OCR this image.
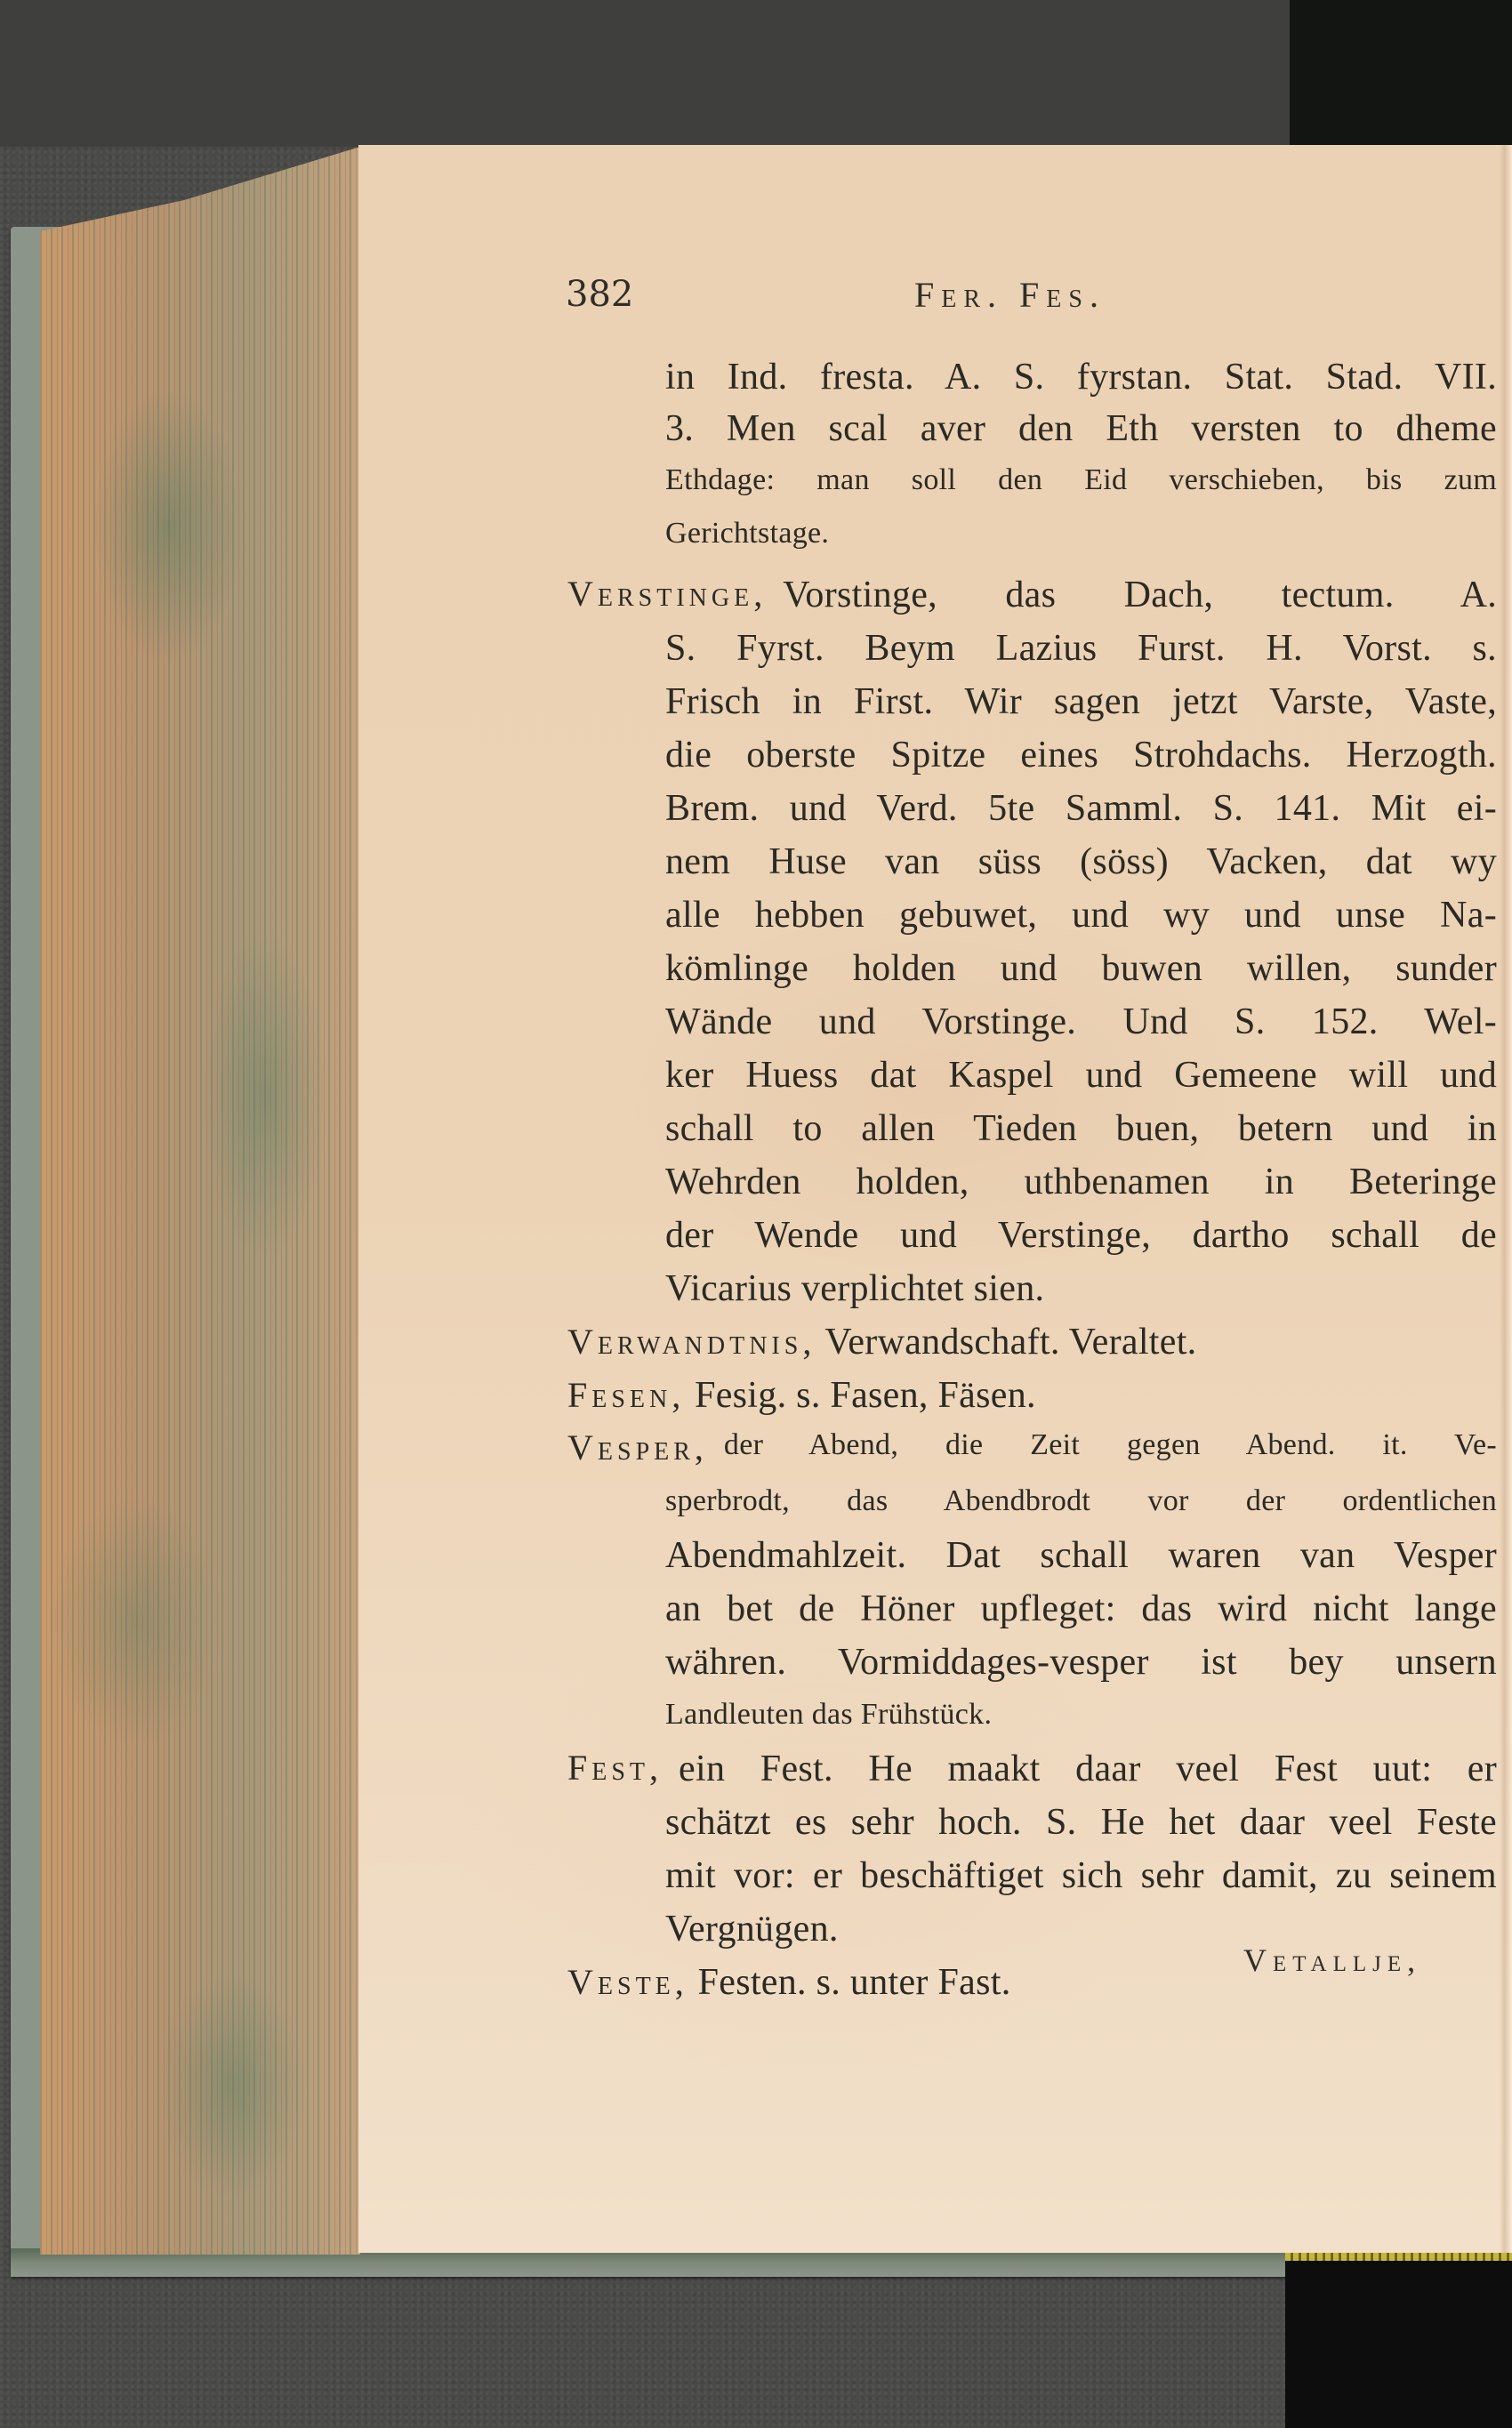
382	Fer. Fes.
in Ind. fresta. A. S. fyrstan. Stat. Stad. VII.
3. Men scal aver den Eth versten to dheme
Ethdage: man soll den Eid verschieben, bis zum
Gerichtstage.
Verstinge, Vorstinge, das Dach, tectum. A.
S. Fyrst. Beym Lazius Furst. H. Vorst. s.
Frisch in First. Wir sagen jetzt Varste, Vaste,
die oberste Spitze eines Strohdachs. Herzogth.
Brem. und Verd. 5te Samml. S. 141. Mit ei-
nem Huse van süss (söss) Vacken, dat wy
alle hebben gebuwet, und wy und unse Na-
kömlinge holden und buwen willen, sunder
Wände und Vorstinge. Und S. 152. Wel-
ker Huess dat Kaspel und Gemeene will und
schall to allen Tieden buen, betern und in
Wehrden holden, uthbenamen in Beteringe
der Wende und Verstinge, dartho schall de
Vicarius verplichtet sien.
Verwandtnis, Verwandschaft. Veraltet.
Fesen, Fesig. s. Fasen, Fäsen.
Vesper, der Abend, die Zeit gegen Abend. it. Ve-
sperbrodt, das Abendbrodt vor der ordentlichen
Abendmahlzeit. Dat schall waren van Vesper
an bet de Höner upfleget: das wird nicht lange
währen. Vormiddages-vesper ist bey unsern
Landleuten das Frühstück.
Fest, ein Fest. He maakt daar veel Fest uut: er
schätzt es sehr hoch. S. He het daar veel Feste
mit vor: er beschäftiget sich sehr damit, zu seinem
Vergnügen.
Veste, Festen. s. unter Fast.
Vetallje,
